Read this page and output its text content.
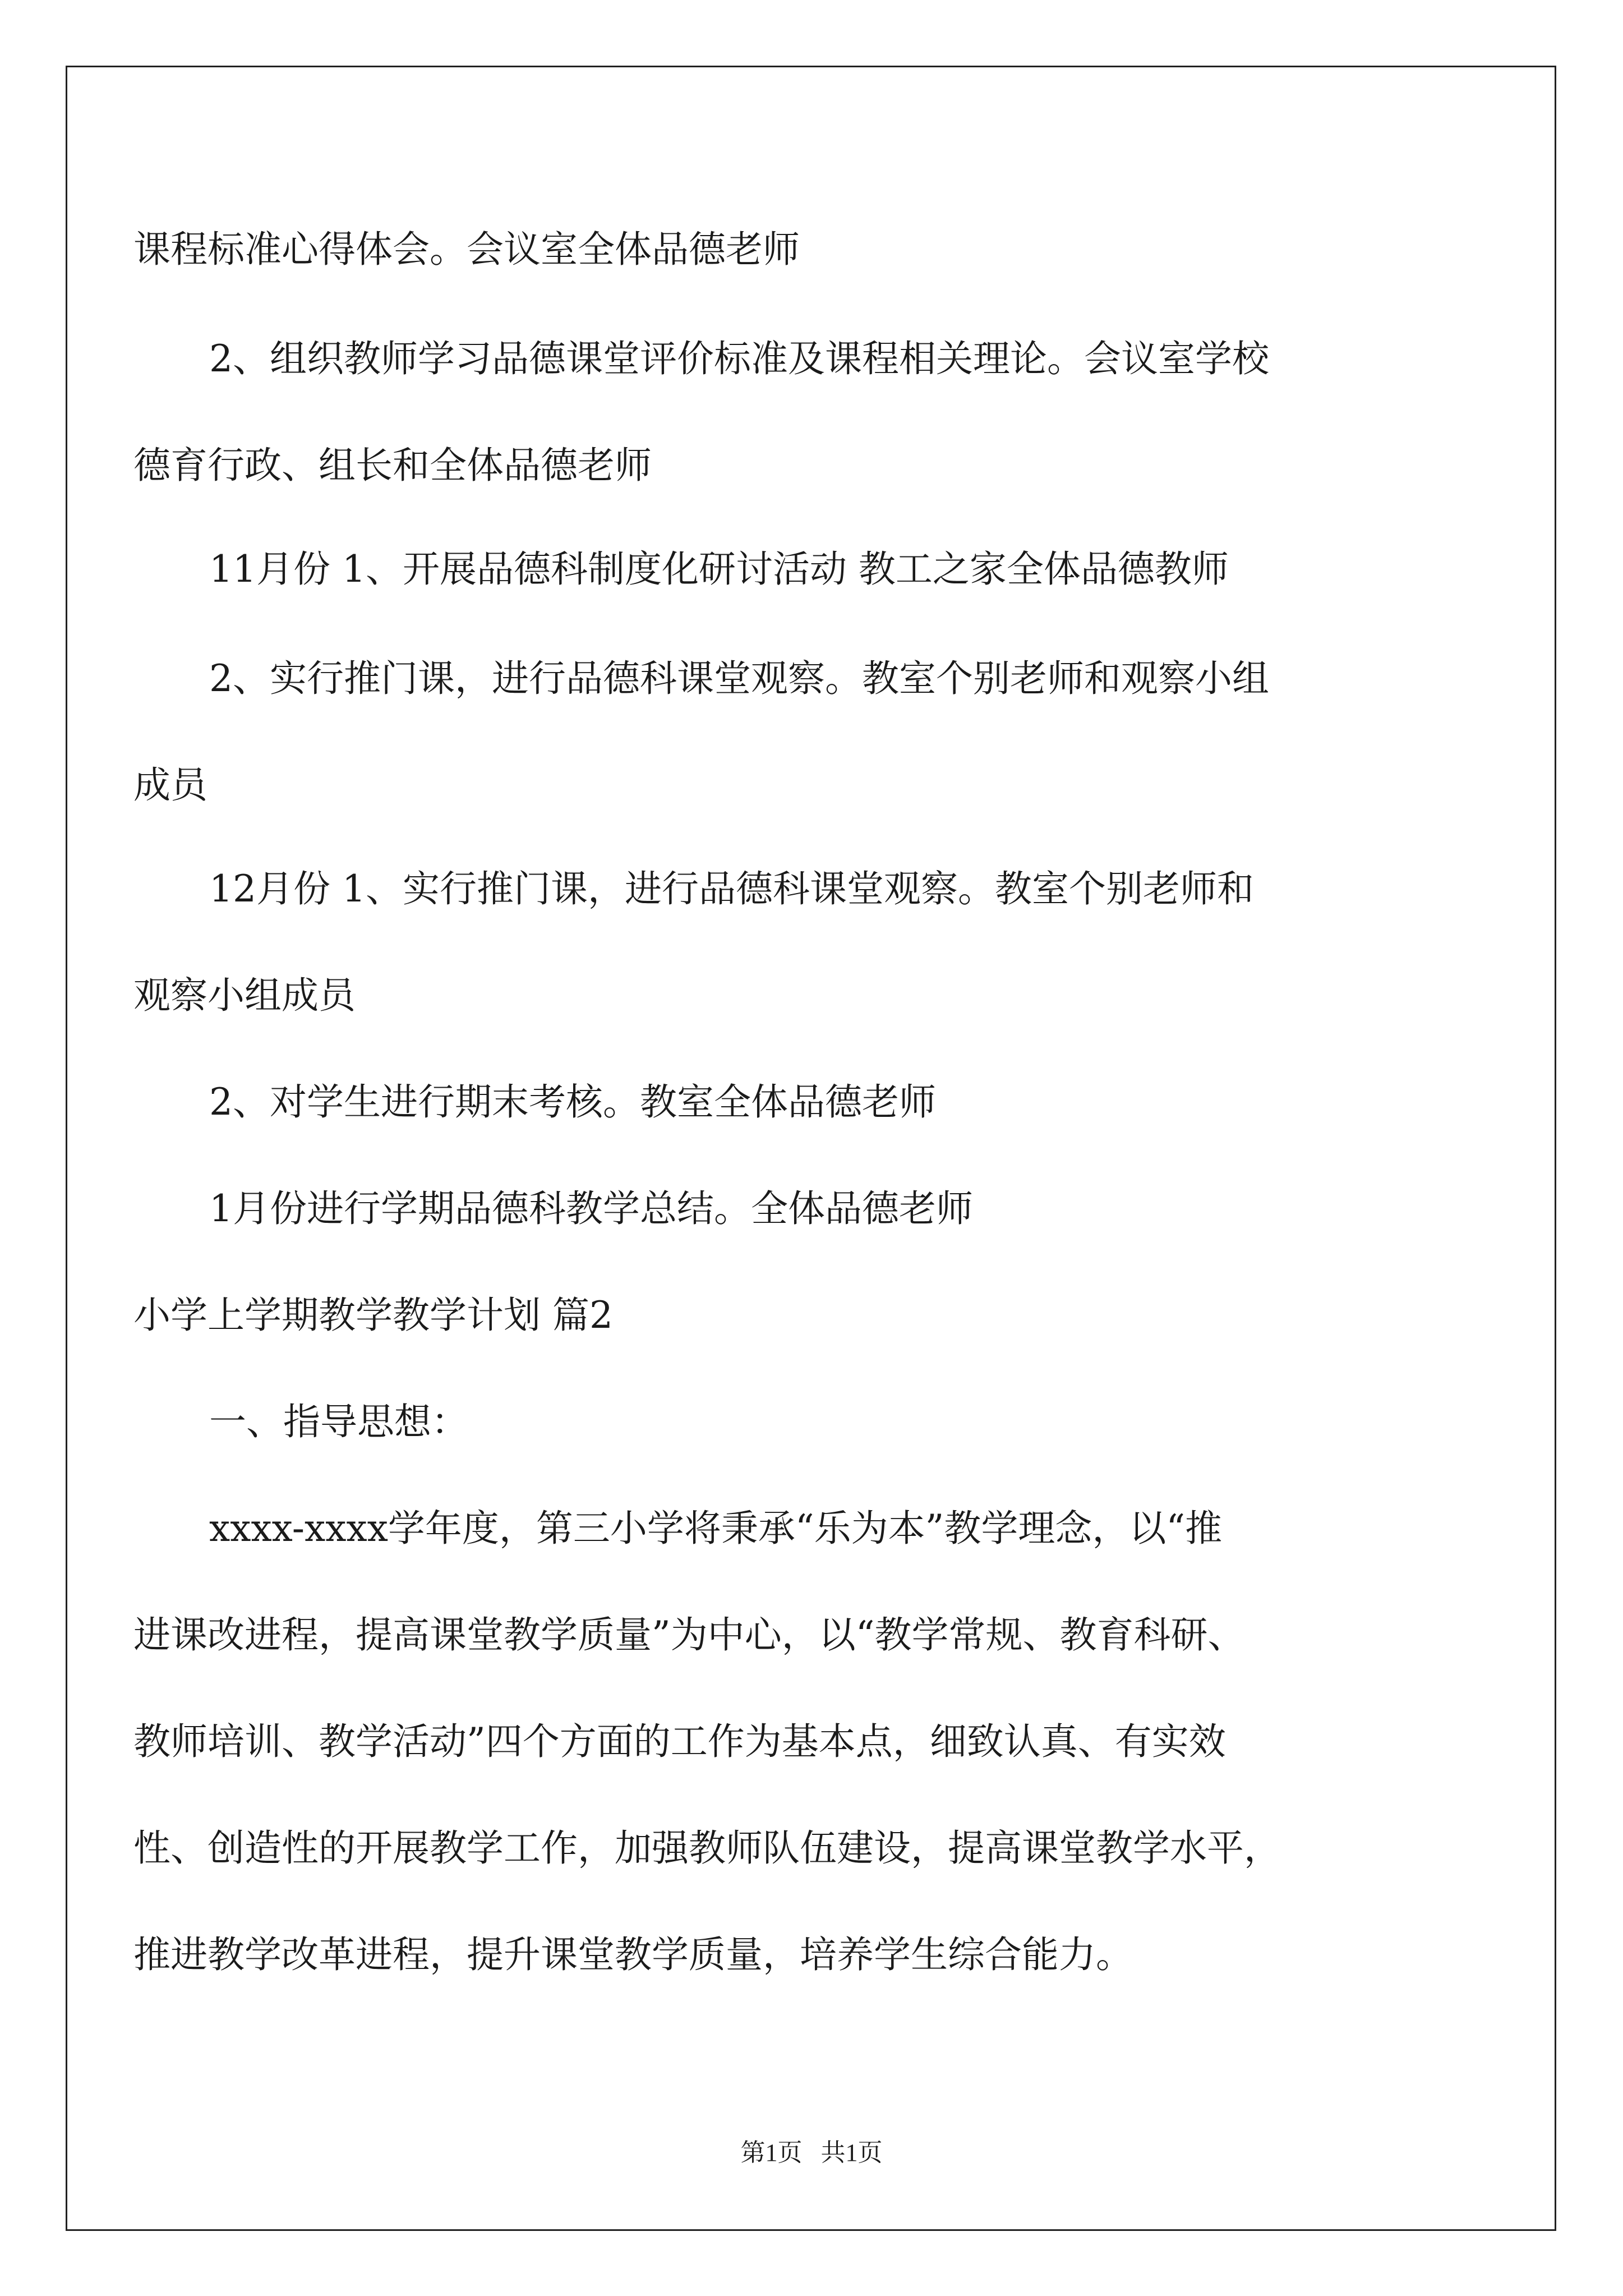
课程标准心得体会。会议室全体品德老师
2、组织教师学习品德课堂评价标准及课程相关理论。会议室学校
德育行政、组长和全体品德老师
11月份 1、开展品德科制度化研讨活动 教工之家全体品德教师
2、实行推门课，进行品德科课堂观察。教室个别老师和观察小组
成员
12月份 1、实行推门课，进行品德科课堂观察。教室个别老师和
观察小组成员
2、对学生进行期末考核。教室全体品德老师
1月份进行学期品德科教学总结。全体品德老师
小学上学期教学教学计划 篇2
一、指导思想：
xxxx-xxxx学年度，第三小学将秉承“乐为本”教学理念，以“推
进课改进程，提高课堂教学质量”为中心，以“教学常规、教育科研、
教师培训、教学活动”四个方面的工作为基本点，细致认真、有实效
性、创造性的开展教学工作，加强教师队伍建设，提高课堂教学水平，
推进教学改革进程，提升课堂教学质量，培养学生综合能力。
第1页   共1页
